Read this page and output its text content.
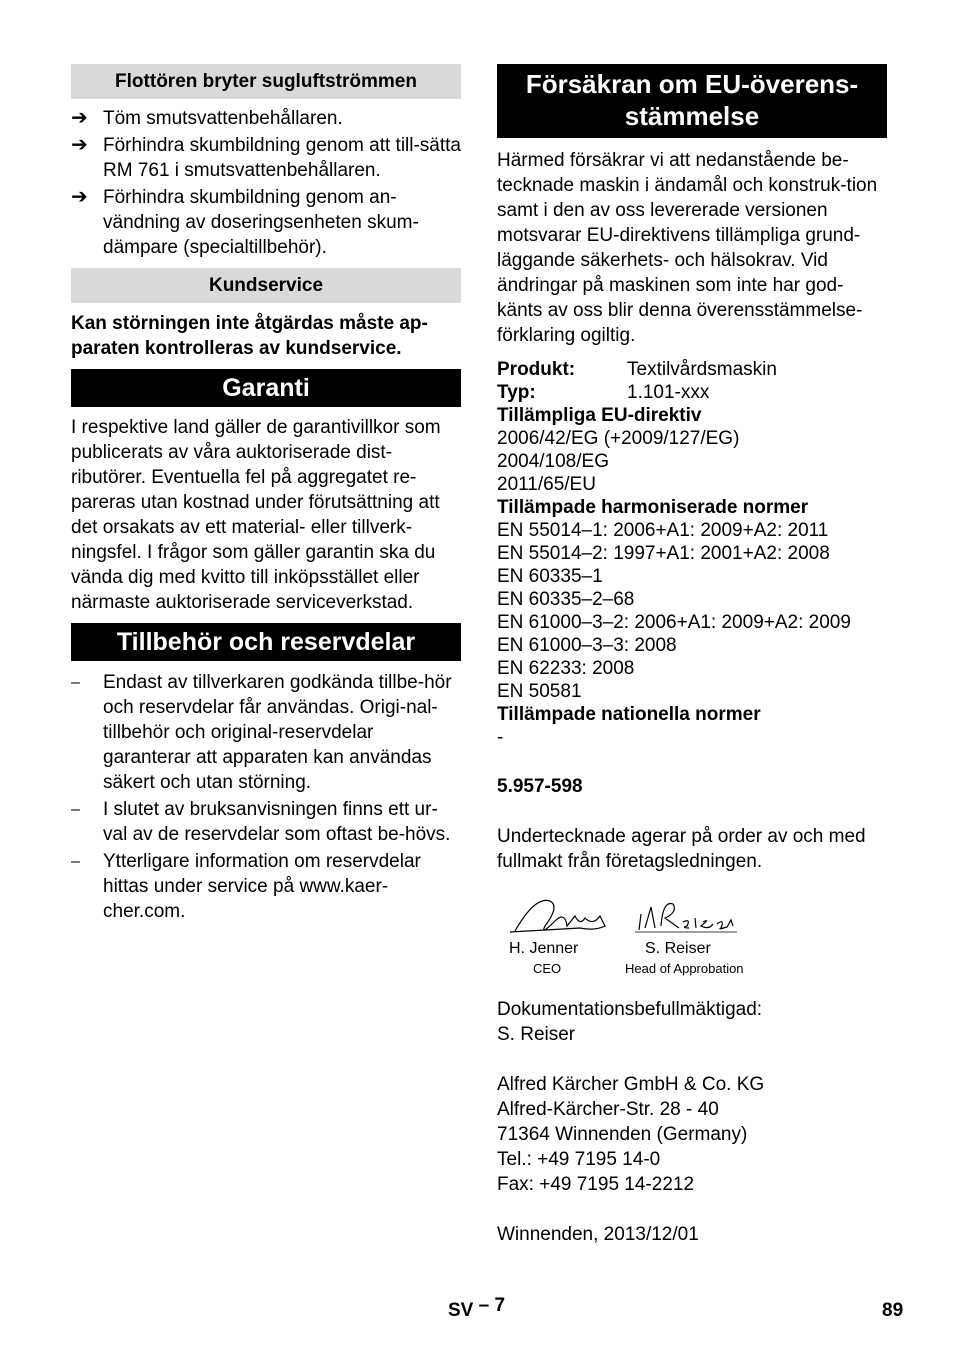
Flottören bryter sugluftströmmen
➔ Töm smutsvattenbehållaren.
➔ Förhindra skumbildning genom att till-sätta RM 761 i smutsvattenbehållaren.
➔ Förhindra skumbildning genom an-vändning av doseringsenheten skum-dämpare (specialtillbehör).
Kundservice

Kan störningen inte åtgärdas måste ap-paraten kontrolleras av kundservice.

Garanti

I respektive land gäller de garantivillkor som publicerats av våra auktoriserade dist-ributörer. Eventuella fel på aggregatet re-pareras utan kostnad under förutsättning att det orsakats av ett material- eller tillverk-ningsfel. I frågor som gäller garantin ska du vända dig med kvitto till inköpsstället eller närmaste auktoriserade serviceverkstad.

Tillbehör och reservdelar
–	Endast av tillverkaren godkända tillbe-hör och reservdelar får användas. Origi-nal-tillbehör och original-reservdelar garanterar att apparaten kan användas säkert och utan störning.
–	I slutet av bruksanvisningen finns ett ur-val av de reservdelar som oftast be-hövs.
–	Ytterligare information om reservdelar hittas under service på www.kaer-cher.com.
Försäkran om EU-överens-
stämmelse

Härmed försäkrar vi att nedanstående be-tecknade maskin i ändamål och konstruk-tion samt i den av oss levererade versionen motsvarar EU-direktivens tillämpliga grund-läggande säkerhets- och hälsokrav. Vid ändringar på maskinen som inte har god-känts av oss blir denna överensstämmelse-förklaring ogiltig.

Produkt:	Textilvårdsmaskin
Typ:	1.101-xxx
Tillämpliga EU-direktiv
2006/42/EG (+2009/127/EG)
2004/108/EG
2011/65/EU
Tillämpade harmoniserade normer
EN 55014–1: 2006+A1: 2009+A2: 2011
EN 55014–2: 1997+A1: 2001+A2: 2008
EN 60335–1
EN 60335–2–68
EN 61000–3–2: 2006+A1: 2009+A2: 2009
EN 61000–3–3: 2008
EN 62233: 2008
EN 50581
Tillämpade nationella normer
-

5.957-598

Undertecknade agerar på order av och med fullmakt från företagsledningen.

H. Jenner
CEO
S. Reiser
Head of Approbation

Dokumentationsbefullmäktigad:

S. Reiser

Alfred Kärcher GmbH & Co. KG

Alfred-Kärcher-Str. 28 - 40

71364 Winnenden (Germany)

Tel.: +49 7195 14-0

Fax: +49 7195 14-2212

Winnenden, 2013/12/01

SV – 7	89
